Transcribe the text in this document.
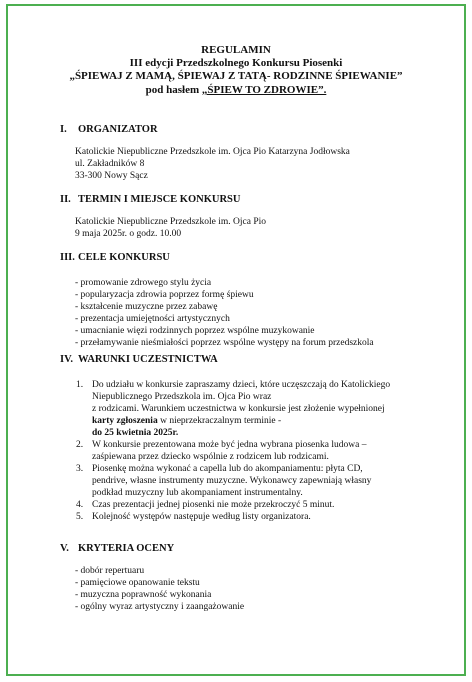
REGULAMIN
III edycji Przedszkolnego Konkursu Piosenki
„ŚPIEWAJ Z MAMĄ, ŚPIEWAJ Z TATĄ- RODZINNE ŚPIEWANIE”
pod hasłem „ŚPIEW TO ZDROWIE”.
I. ORGANIZATOR
Katolickie Niepubliczne Przedszkole im. Ojca Pio Katarzyna Jodłowska
ul. Zakładników 8
33-300 Nowy Sącz
II. TERMIN I MIEJSCE KONKURSU
Katolickie Niepubliczne Przedszkole im. Ojca Pio
9 maja 2025r. o godz. 10.00
III. CELE KONKURSU
- promowanie zdrowego stylu życia
- popularyzacja zdrowia poprzez formę śpiewu
- kształcenie muzyczne przez zabawę
- prezentacja umiejętności artystycznych
- umacnianie więzi rodzinnych poprzez wspólne muzykowanie
- przełamywanie nieśmiałości poprzez wspólne występy na forum przedszkola
IV. WARUNKI UCZESTNICTWA
1. Do udziału w konkursie zapraszamy dzieci, które uczęszczają do Katolickiego
Niepublicznego Przedszkola im. Ojca Pio wraz
z rodzicami. Warunkiem uczestnictwa w konkursie jest złożenie wypełnionej
karty zgłoszenia w nieprzekraczalnym terminie -
do 25 kwietnia 2025r.
2. W konkursie prezentowana może być jedna wybrana piosenka ludowa –
zaśpiewana przez dziecko wspólnie z rodzicem lub rodzicami.
3. Piosenkę można wykonać a capella lub do akompaniamentu: płyta CD,
pendrive, własne instrumenty muzyczne. Wykonawcy zapewniają własny
podkład muzyczny lub akompaniament instrumentalny.
4. Czas prezentacji jednej piosenki nie może przekroczyć 5 minut.
5. Kolejność występów następuje według listy organizatora.
V. KRYTERIA OCENY
- dobór repertuaru
- pamięciowe opanowanie tekstu
- muzyczna poprawność wykonania
- ogólny wyraz artystyczny i zaangażowanie
